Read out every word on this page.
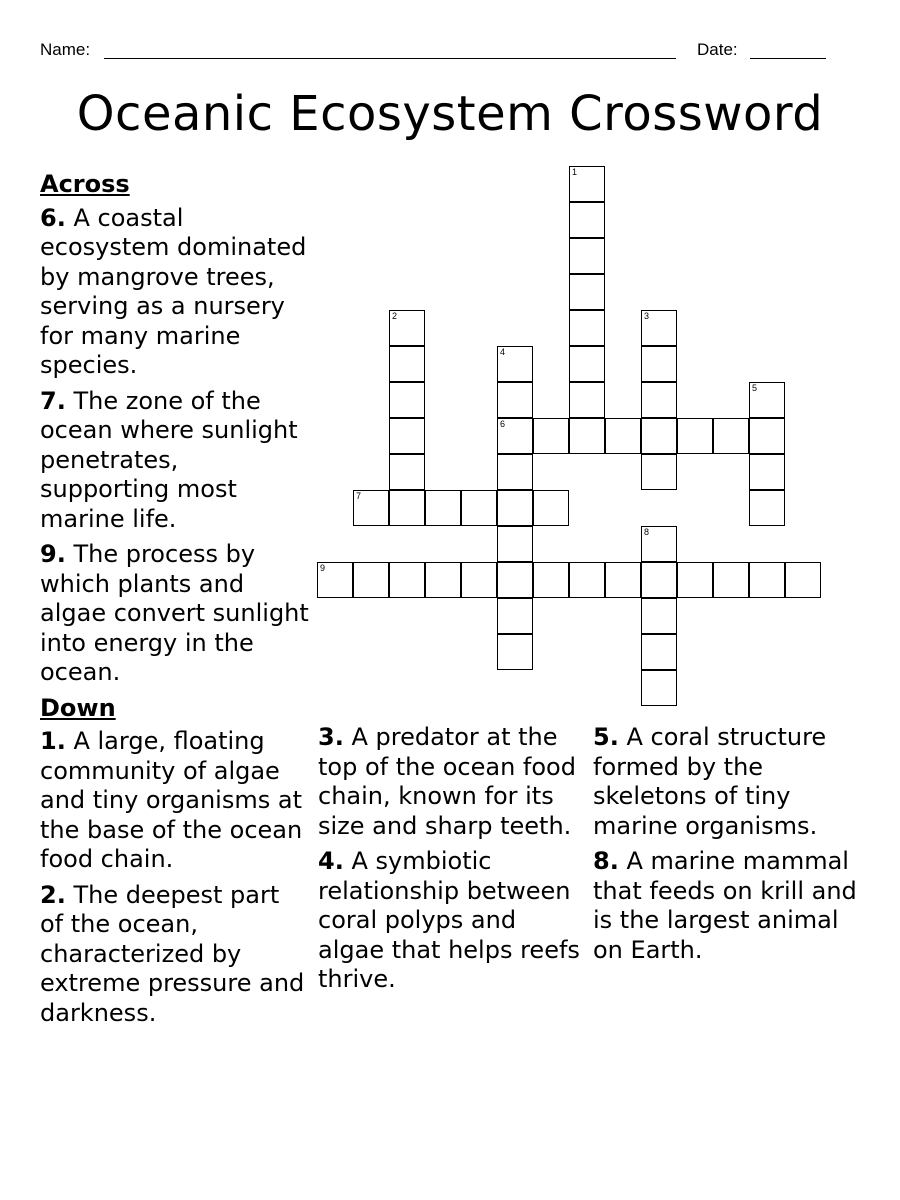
Name:	Date:
Oceanic Ecosystem Crossword
Across
6. A coastal ecosystem dominated by mangrove trees, serving as a nursery for many marine species.
7. The zone of the ocean where sunlight penetrates, supporting most marine life.
9. The process by which plants and algae convert sunlight into energy in the ocean.
Down
1. A large, floating community of algae and tiny organisms at the base of the ocean food chain.
2. The deepest part of the ocean, characterized by extreme pressure and darkness.
3. A predator at the top of the ocean food chain, known for its size and sharp teeth.
4. A symbiotic relationship between coral polyps and algae that helps reefs thrive.
5. A coral structure formed by the skeletons of tiny marine organisms.
8. A marine mammal that feeds on krill and is the largest animal on Earth.
1
2	3
4
6
5
7
8
9
